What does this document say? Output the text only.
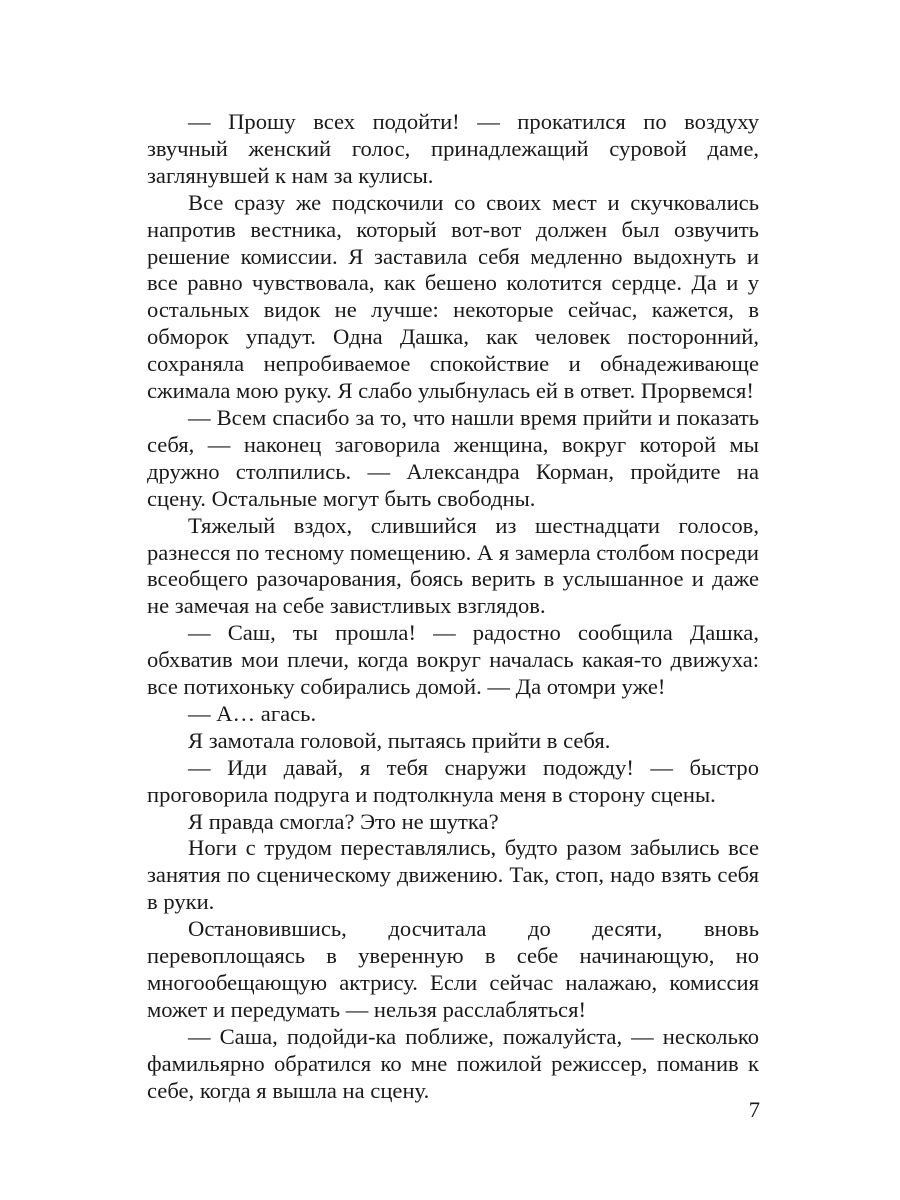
— Прошу всех подойти! — прокатился по воздуху звучный женский голос, принадлежащий суровой даме, заглянувшей к нам за кулисы.

Все сразу же подскочили со своих мест и скучковались напротив вестника, который вот-вот должен был озвучить решение комиссии. Я заставила себя медленно выдохнуть и все равно чувствовала, как бешено колотится сердце. Да и у остальных видок не лучше: некоторые сейчас, кажется, в обморок упадут. Одна Дашка, как человек посторонний, сохраняла непробиваемое спокойствие и обнадеживающе сжимала мою руку. Я слабо улыбнулась ей в ответ. Прорвемся!

— Всем спасибо за то, что нашли время прийти и показать себя, — наконец заговорила женщина, вокруг которой мы дружно столпились. — Александра Корман, пройдите на сцену. Остальные могут быть свободны.

Тяжелый вздох, слившийся из шестнадцати голосов, разнесся по тесному помещению. А я замерла столбом посреди всеобщего разочарования, боясь верить в услышанное и даже не замечая на себе завистливых взглядов.

— Саш, ты прошла! — радостно сообщила Дашка, обхватив мои плечи, когда вокруг началась какая-то движуха: все потихоньку собирались домой. — Да отомри уже!

— А… агась.

Я замотала головой, пытаясь прийти в себя.

— Иди давай, я тебя снаружи подожду! — быстро проговорила подруга и подтолкнула меня в сторону сцены.

Я правда смогла? Это не шутка?

Ноги с трудом переставлялись, будто разом забылись все занятия по сценическому движению. Так, стоп, надо взять себя в руки.

Остановившись, досчитала до десяти, вновь перевоплощаясь в уверенную в себе начинающую, но многообещающую актрису. Если сейчас налажаю, комиссия может и передумать — нельзя расслабляться!

— Саша, подойди-ка поближе, пожалуйста, — несколько фамильярно обратился ко мне пожилой режиссер, поманив к себе, когда я вышла на сцену.

7
